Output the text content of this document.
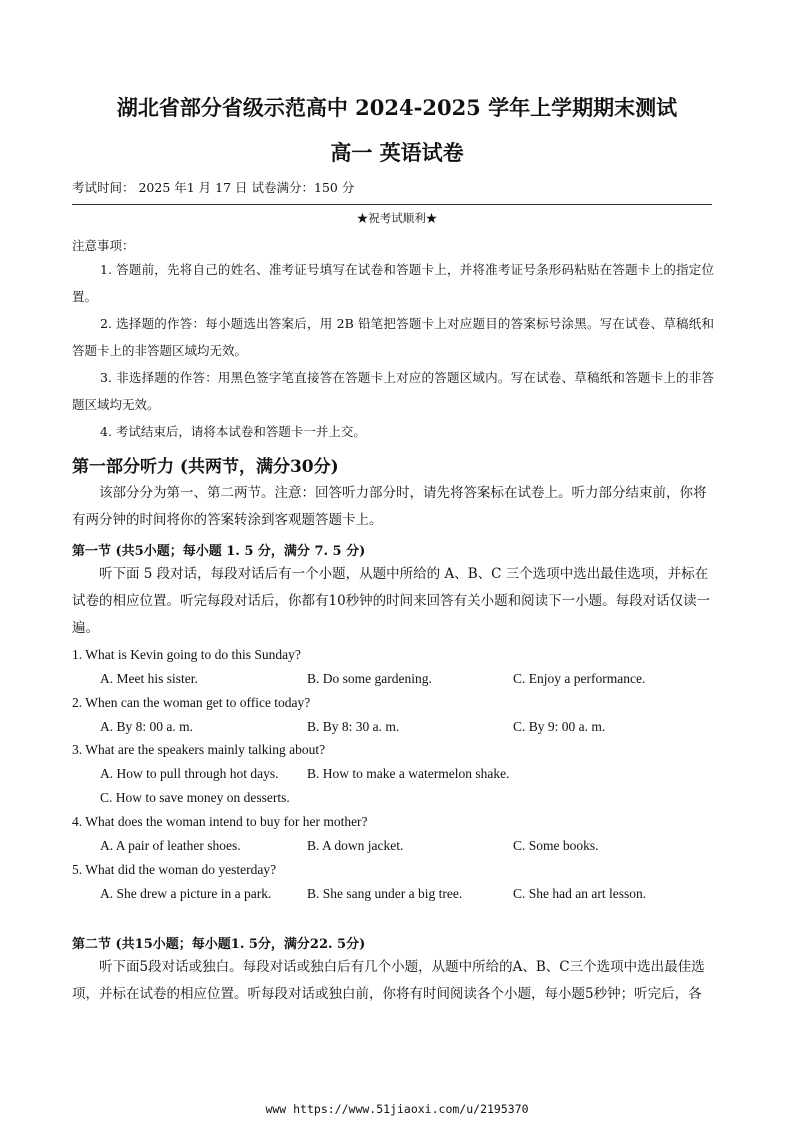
湖北省部分省级示范高中 2024-2025 学年上学期期末测试
高一 英语试卷
考试时间： 2025 年1 月 17 日 试卷满分：150 分
★祝考试顺利★
注意事项：

1. 答题前，先将自己的姓名、准考证号填写在试卷和答题卡上，并将准考证号条形码粘贴在答题卡上的指定位置。

2. 选择题的作答：每小题选出答案后，用 2B 铅笔把答题卡上对应题目的答案标号涂黑。写在试卷、草稿纸和答题卡上的非答题区域均无效。

3. 非选择题的作答：用黑色签字笔直接答在答题卡上对应的答题区域内。写在试卷、草稿纸和答题卡上的非答题区域均无效。

4. 考试结束后，请将本试卷和答题卡一并上交。

第一部分听力 (共两节，满分30分)

该部分分为第一、第二两节。注意：回答听力部分时，请先将答案标在试卷上。听力部分结束前，你将有两分钟的时间将你的答案转涂到客观题答题卡上。

第一节 (共5小题；每小题 1. 5 分，满分 7. 5 分)

听下面 5 段对话，每段对话后有一个小题，从题中所给的 A、B、C 三个选项中选出最佳选项，并标在试卷的相应位置。听完每段对话后，你都有10秒钟的时间来回答有关小题和阅读下一小题。每段对话仅读一遍。

1. What is Kevin going to do this Sunday?
A. Meet his sister.	B. Do some gardening.	C. Enjoy a performance.
2. When can the woman get to office today?
A. By 8: 00 a. m.	B. By 8: 30 a. m.	C. By 9: 00 a. m.
3. What are the speakers mainly talking about?
A. How to pull through hot days. B. How to make a watermelon shake.
C. How to save money on desserts.
4. What does the woman intend to buy for her mother?
A. A pair of leather shoes.	B. A down jacket.	C. Some books.
5. What did the woman do yesterday?
A. She drew a picture in a park.	B. She sang under a big tree.	C. She had an art lesson.
第二节 (共15小题；每小题1. 5分，满分22. 5分)

听下面5段对话或独白。每段对话或独白后有几个小题，从题中所给的A、B、C三个选项中选出最佳选项，并标在试卷的相应位置。听每段对话或独白前，你将有时间阅读各个小题，每小题5秒钟；听完后，各

www https://www.51jiaoxi.com/u/2195370
